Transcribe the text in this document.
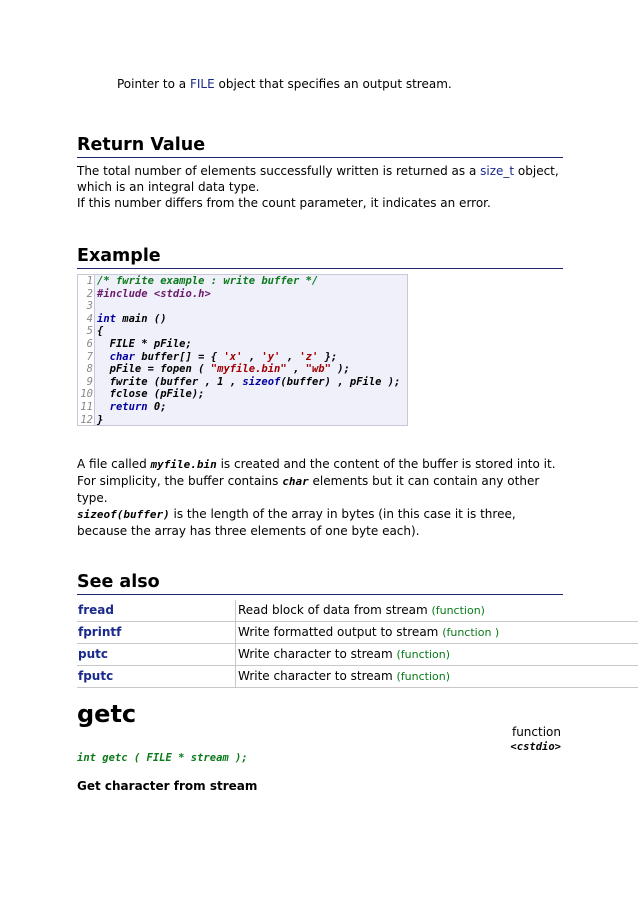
Pointer to a FILE object that specifies an output stream.
Return Value

The total number of elements successfully written is returned as a size_t object,

which is an integral data type.

If this number differs from the count parameter, it indicates an error.

Example
1
2
3
4
5
6
7
8
9
10
11
12
/* fwrite example : write buffer */
#include <stdio.h>
int main ()
{
FILE * pFile;
char buffer[] = { 'x' , 'y' , 'z' };
pFile = fopen ( "myfile.bin" , "wb" );
fwrite (buffer , 1 , sizeof(buffer) , pFile );
fclose (pFile);
return 0;
}

A file called myfile.bin is created and the content of the buffer is stored into it.

For simplicity, the buffer contains char elements but it can contain any other

type.

sizeof(buffer) is the length of the array in bytes (in this case it is three,

because the array has three elements of one byte each).

See also
fread	Read block of data from stream (function)
fprintf	Write formatted output to stream (function )
putc	Write character to stream (function)
fputc	Write character to stream (function)
getc
function
<cstdio>
int getc ( FILE * stream );
Get character from stream
